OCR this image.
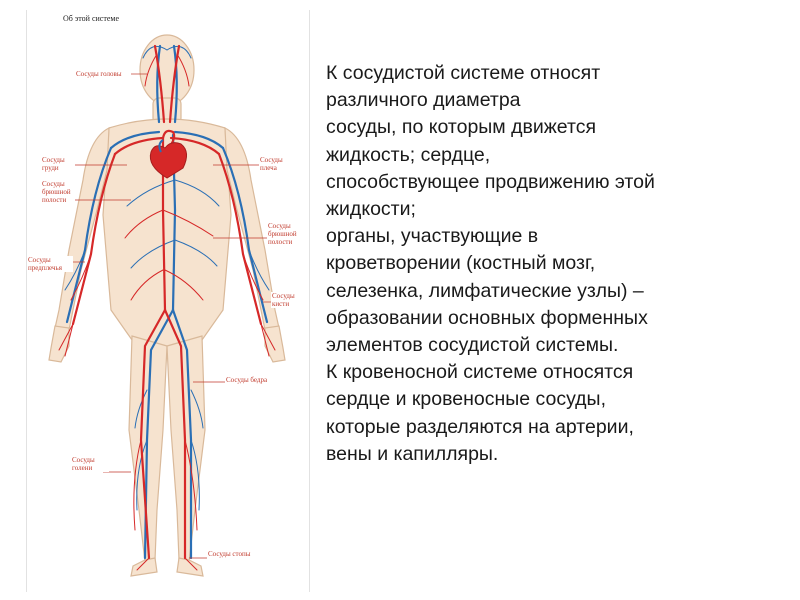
Об этой системе
Сосуды головы
Сосуды груди
Сосуды брюшной полости
Сосуды предплечья
Сосуды плеча
Сосуды брюшной полости
Сосуды кисти
Сосуды бедра
Сосуды голени
Сосуды стопы
К сосудистой системе относят
различного диаметра
сосуды, по которым движется
жидкость; сердце,
способствующее продвижению этой
жидкости;
органы, участвующие в
кроветворении (костный мозг,
селезенка, лимфатические узлы) –
образовании основных форменных
элементов сосудистой системы.
К кровеносной системе относятся
сердце и кровеносные сосуды,
которые разделяются на артерии,
вены и капилляры.
